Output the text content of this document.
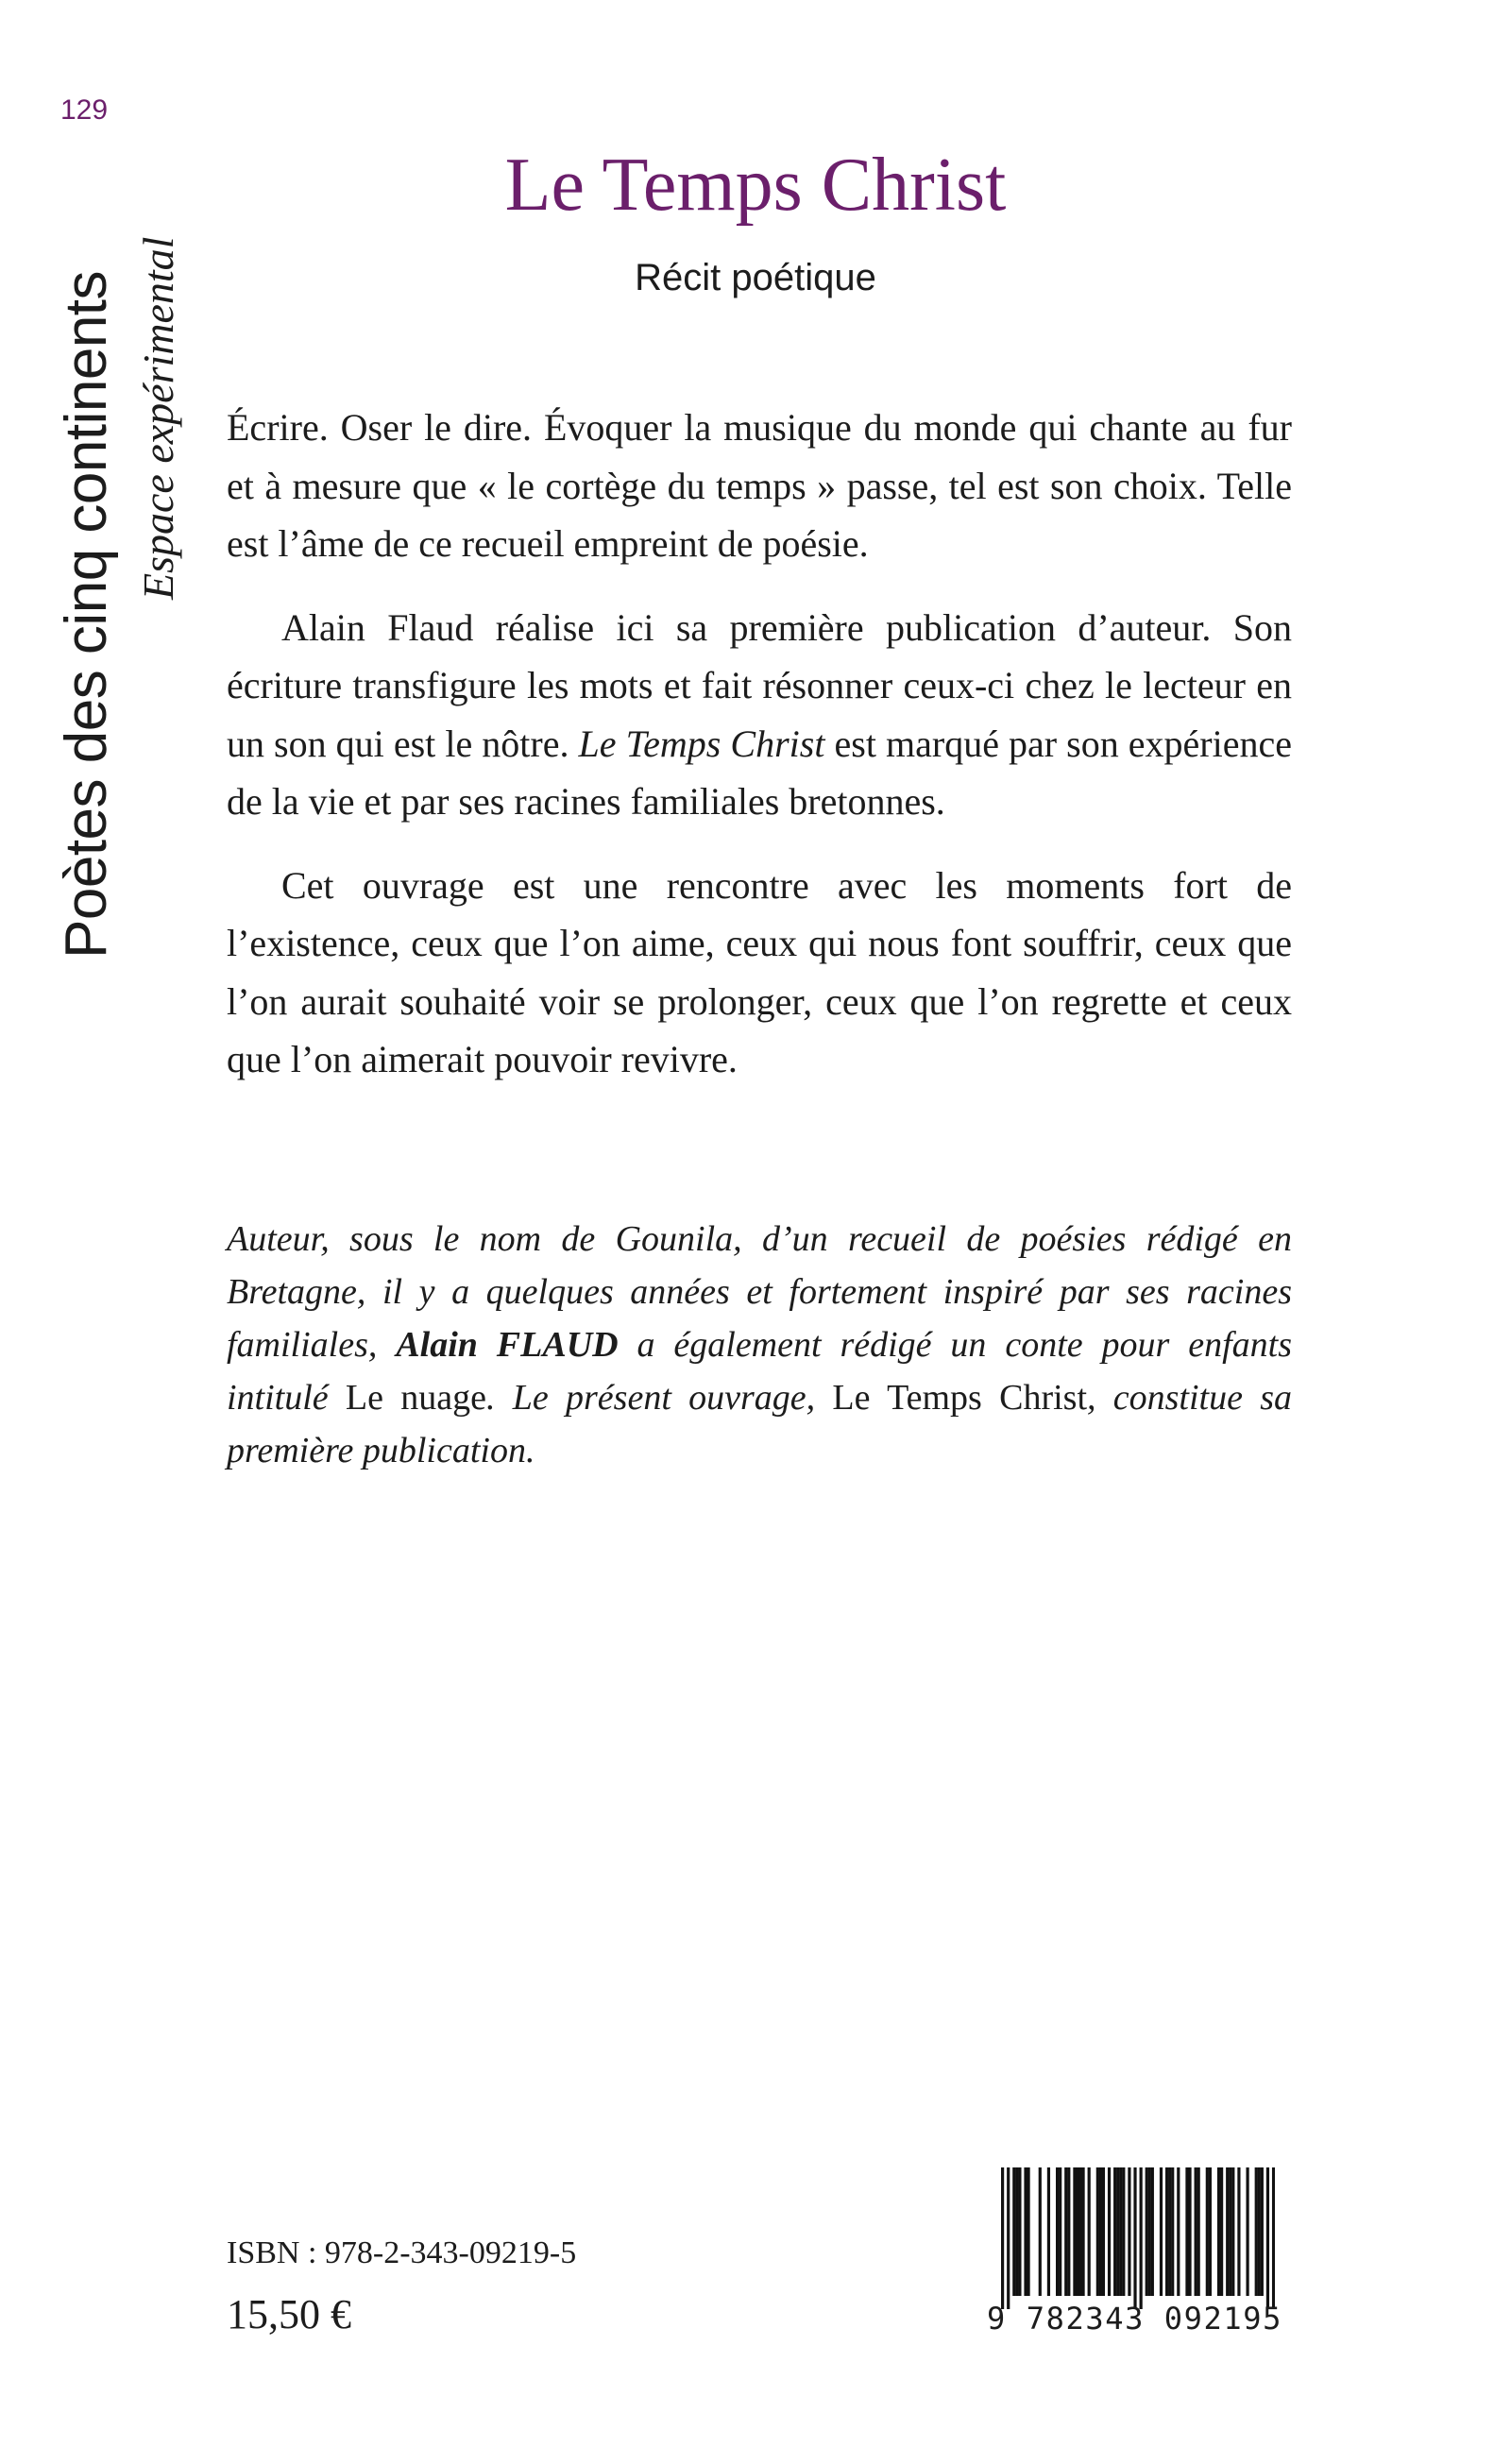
129

Poètes des cinq continents Espace expérimental

Le Temps Christ
Récit poétique

Écrire. Oser le dire. Évoquer la musique du monde qui chante au fur et à mesure que « le cortège du temps » passe, tel est son choix. Telle est l’âme de ce recueil empreint de poésie.

Alain Flaud réalise ici sa première publication d’auteur. Son écriture transfigure les mots et fait résonner ceux-ci chez le lecteur en un son qui est le nôtre. Le Temps Christ est marqué par son expérience de la vie et par ses racines familiales bretonnes.

Cet ouvrage est une rencontre avec les moments fort de l’existence, ceux que l’on aime, ceux qui nous font souffrir, ceux que l’on aurait souhaité voir se prolonger, ceux que l’on regrette et ceux que l’on aimerait pouvoir revivre.

Auteur, sous le nom de Gounila, d’un recueil de poésies rédigé en Bretagne, il y a quelques années et fortement inspiré par ses racines familiales, Alain FLAUD a également rédigé un conte pour enfants intitulé Le nuage. Le présent ouvrage, Le Temps Christ, constitue sa première publication.

ISBN : 978-2-343-09219-5

15,50 €	9 782343 092195
